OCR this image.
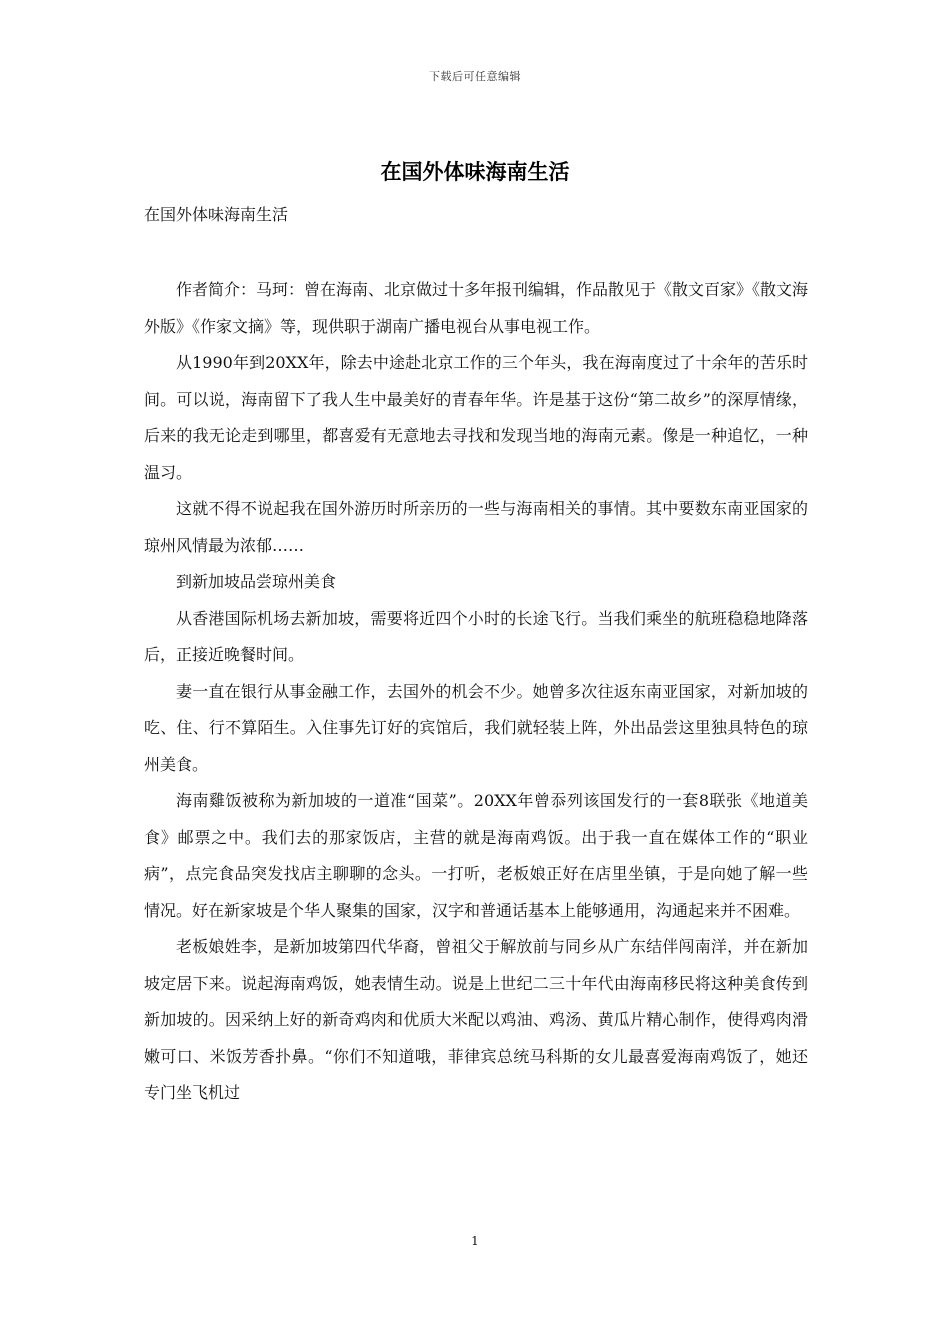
下载后可任意编辑
在国外体味海南生活
在国外体味海南生活

作者简介：马珂：曾在海南、北京做过十多年报刊编辑，作品散见于《散文百家》《散文海外版》《作家文摘》等，现供职于湖南广播电视台从事电视工作。

从1990年到20XX年，除去中途赴北京工作的三个年头，我在海南度过了十余年的苦乐时间。可以说，海南留下了我人生中最美好的青春年华。许是基于这份“第二故乡”的深厚情缘，后来的我无论走到哪里，都喜爱有无意地去寻找和发现当地的海南元素。像是一种追忆，一种温习。

这就不得不说起我在国外游历时所亲历的一些与海南相关的事情。其中要数东南亚国家的琼州风情最为浓郁……

到新加坡品尝琼州美食

从香港国际机场去新加坡，需要将近四个小时的长途飞行。当我们乘坐的航班稳稳地降落后，正接近晚餐时间。

妻一直在银行从事金融工作，去国外的机会不少。她曾多次往返东南亚国家，对新加坡的吃、住、行不算陌生。入住事先订好的宾馆后，我们就轻装上阵，外出品尝这里独具特色的琼州美食。

海南雞饭被称为新加坡的一道准“国菜”。20XX年曾忝列该国发行的一套8联张《地道美食》邮票之中。我们去的那家饭店，主营的就是海南鸡饭。出于我一直在媒体工作的“职业病”，点完食品突发找店主聊聊的念头。一打听，老板娘正好在店里坐镇，于是向她了解一些情况。好在新家坡是个华人聚集的国家，汉字和普通话基本上能够通用，沟通起来并不困难。

老板娘姓李，是新加坡第四代华裔，曾祖父于解放前与同乡从广东结伴闯南洋，并在新加坡定居下来。说起海南鸡饭，她表情生动。说是上世纪二三十年代由海南移民将这种美食传到新加坡的。因采纳上好的新奇鸡肉和优质大米配以鸡油、鸡汤、黄瓜片精心制作，使得鸡肉滑嫩可口、米饭芳香扑鼻。“你们不知道哦，菲律宾总统马科斯的女儿最喜爱海南鸡饭了，她还专门坐飞机过

1
